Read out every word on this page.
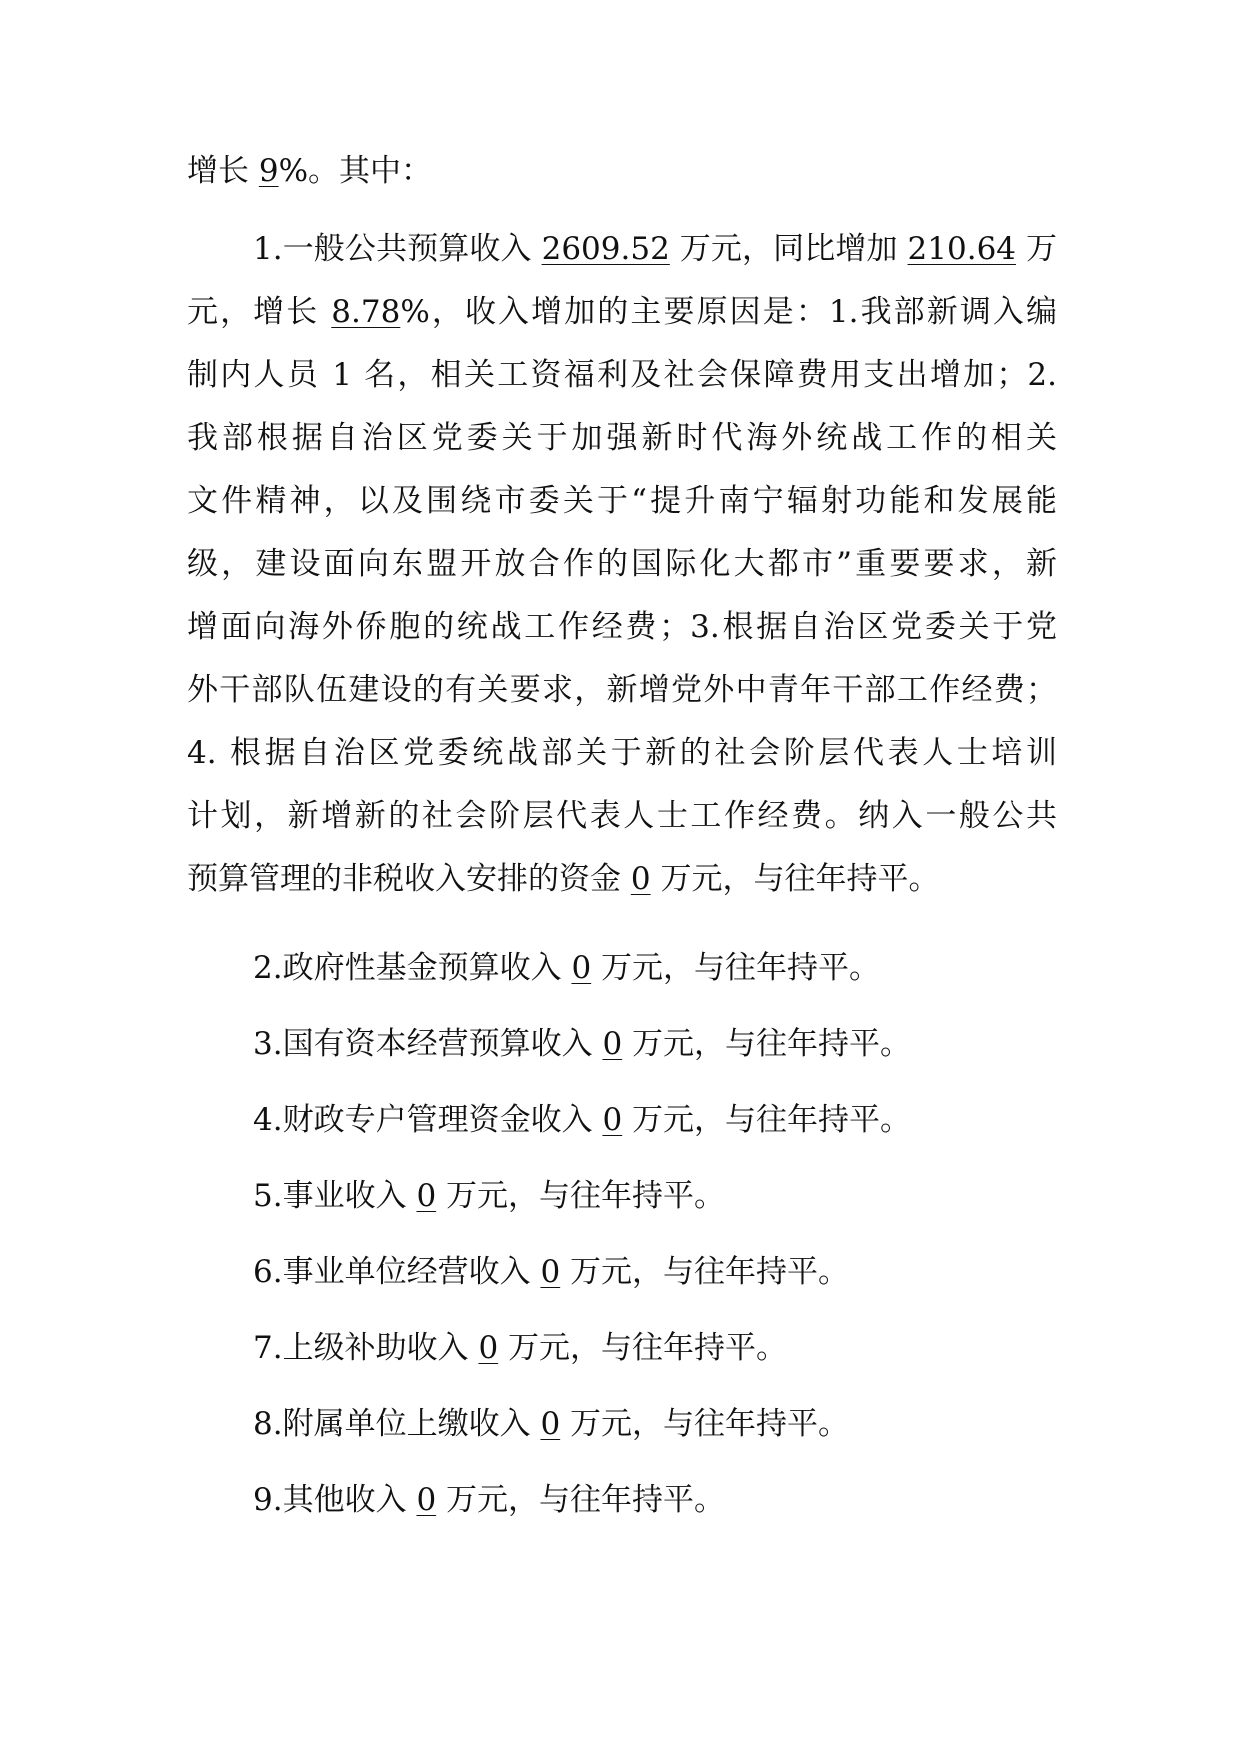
增长 9%。其中：
1.一般公共预算收入 2609.52 万元，同比增加 210.64 万
元，增长 8.78%，收入增加的主要原因是：1.我部新调入编
制内人员 1 名，相关工资福利及社会保障费用支出增加；2.
我部根据自治区党委关于加强新时代海外统战工作的相关
文件精神，以及围绕市委关于“提升南宁辐射功能和发展能
级，建设面向东盟开放合作的国际化大都市”重要要求，新
增面向海外侨胞的统战工作经费；3.根据自治区党委关于党
外干部队伍建设的有关要求，新增党外中青年干部工作经费；
4. 根据自治区党委统战部关于新的社会阶层代表人士培训
计划，新增新的社会阶层代表人士工作经费。纳入一般公共
预算管理的非税收入安排的资金 0 万元，与往年持平。
2.政府性基金预算收入 0 万元，与往年持平。
3.国有资本经营预算收入 0 万元，与往年持平。
4.财政专户管理资金收入 0 万元，与往年持平。
5.事业收入 0 万元，与往年持平。
6.事业单位经营收入 0 万元，与往年持平。
7.上级补助收入 0 万元，与往年持平。
8.附属单位上缴收入 0 万元，与往年持平。
9.其他收入 0 万元，与往年持平。
